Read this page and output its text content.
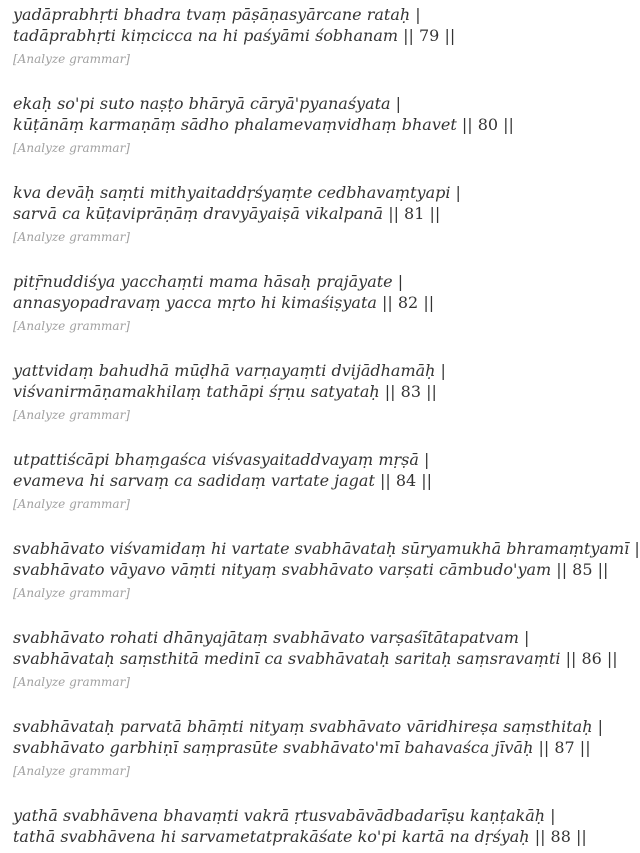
yadāprabhṛti bhadra tvaṃ pāṣāṇasyārcane rataḥ |
tadāprabhṛti kiṃcicca na hi paśyāmi śobhanam || 79 ||
[Analyze grammar]
ekaḥ so'pi suto naṣṭo bhāryā cāryā'pyanaśyata |
kūṭānāṃ karmaṇāṃ sādho phalamevaṃvidhaṃ bhavet || 80 ||
[Analyze grammar]
kva devāḥ saṃti mithyaitaddṛśyaṃte cedbhavaṃtyapi |
sarvā ca kūṭaviprāṇāṃ dravyāyaiṣā vikalpanā || 81 ||
[Analyze grammar]
pitṝnuddiśya yacchaṃti mama hāsaḥ prajāyate |
annasyopadravaṃ yacca mṛto hi kimaśiṣyata || 82 ||
[Analyze grammar]
yattvidaṃ bahudhā mūḍhā varṇayaṃti dvijādhamāḥ |
viśvanirmāṇamakhilaṃ tathāpi śṛṇu satyataḥ || 83 ||
[Analyze grammar]
utpattiścāpi bhaṃgaśca viśvasyaitaddvayaṃ mṛṣā |
evameva hi sarvaṃ ca sadidaṃ vartate jagat || 84 ||
[Analyze grammar]
svabhāvato viśvamidaṃ hi vartate svabhāvataḥ sūryamukhā bhramaṃtyamī |
svabhāvato vāyavo vāṃti nityaṃ svabhāvato varṣati cāmbudo'yam || 85 ||
[Analyze grammar]
svabhāvato rohati dhānyajātaṃ svabhāvato varṣaśītātapatvam |
svabhāvataḥ saṃsthitā medinī ca svabhāvataḥ saritaḥ saṃsravaṃti || 86 ||
[Analyze grammar]
svabhāvataḥ parvatā bhāṃti nityaṃ svabhāvato vāridhireṣa saṃsthitaḥ |
svabhāvato garbhiṇī saṃprasūte svabhāvato'mī bahavaśca jīvāḥ || 87 ||
[Analyze grammar]
yathā svabhāvena bhavaṃti vakrā ṛtusvabāvādbadarīṣu kaṇṭakāḥ |
tathā svabhāvena hi sarvametatprakāśate ko'pi kartā na dṛśyaḥ || 88 ||
